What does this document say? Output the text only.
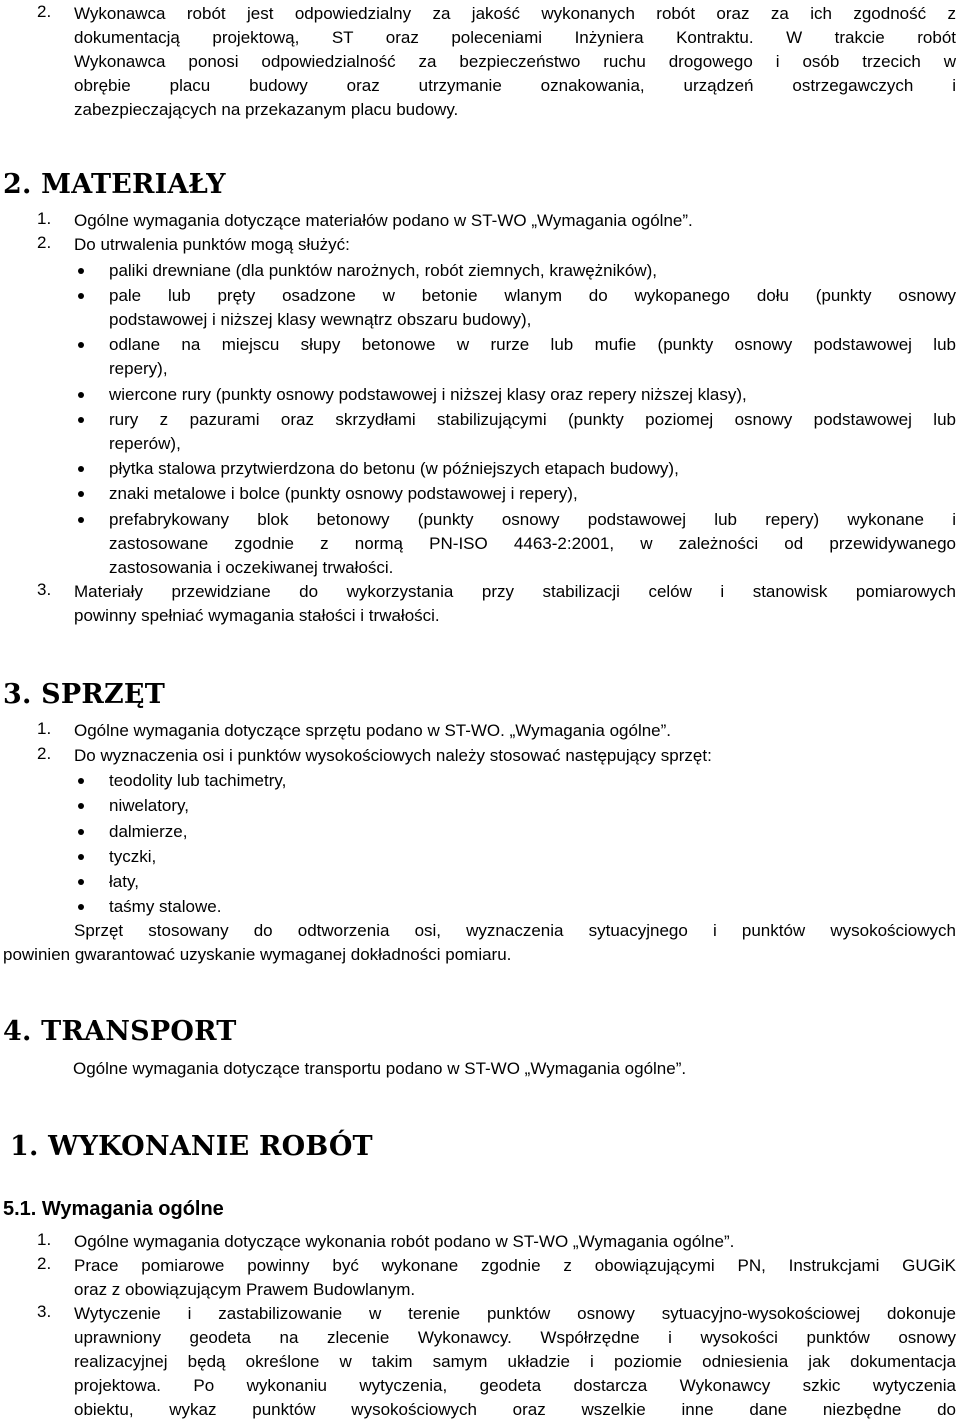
2. Wykonawca robót jest odpowiedzialny za jakość wykonanych robót oraz za ich zgodność z
dokumentacją projektową, ST oraz poleceniami Inżyniera Kontraktu. W trakcie robót
Wykonawca ponosi odpowiedzialność za bezpieczeństwo ruchu drogowego i osób trzecich w
obrębie placu budowy oraz utrzymanie oznakowania, urządzeń ostrzegawczych i
zabezpieczających na przekazanym placu budowy.
2. MATERIAŁY
1. Ogólne wymagania dotyczące materiałów podano w ST-WO „Wymagania ogólne”.
2. Do utrwalenia punktów mogą służyć:
paliki drewniane (dla punktów narożnych, robót ziemnych, krawężników),
pale lub pręty osadzone w betonie wlanym do wykopanego dołu (punkty osnowy
podstawowej i niższej klasy wewnątrz obszaru budowy),
odlane na miejscu słupy betonowe w rurze lub mufie (punkty osnowy podstawowej lub
repery),
wiercone rury (punkty osnowy podstawowej i niższej klasy oraz repery niższej klasy),
rury z pazurami oraz skrzydłami stabilizującymi (punkty poziomej osnowy podstawowej lub
reperów),
płytka stalowa przytwierdzona do betonu (w późniejszych etapach budowy),
znaki metalowe i bolce (punkty osnowy podstawowej i repery),
prefabrykowany blok betonowy (punkty osnowy podstawowej lub repery) wykonane i
zastosowane zgodnie z normą PN-ISO 4463-2:2001, w zależności od przewidywanego
zastosowania i oczekiwanej trwałości.
3. Materiały przewidziane do wykorzystania przy stabilizacji celów i stanowisk pomiarowych
powinny spełniać wymagania stałości i trwałości.
3. SPRZĘT
1. Ogólne wymagania dotyczące sprzętu podano w ST-WO. „Wymagania ogólne”.
2. Do wyznaczenia osi i punktów wysokościowych należy stosować następujący sprzęt:
teodolity lub tachimetry,
niwelatory,
dalmierze,
tyczki,
łaty,
taśmy stalowe.
Sprzęt stosowany do odtworzenia osi, wyznaczenia sytuacyjnego i punktów wysokościowych
powinien gwarantować uzyskanie wymaganej dokładności pomiaru.
4. TRANSPORT
Ogólne wymagania dotyczące transportu podano w ST-WO „Wymagania ogólne”.
1. WYKONANIE ROBÓT
5.1. Wymagania ogólne
1. Ogólne wymagania dotyczące wykonania robót podano w ST-WO „Wymagania ogólne”.
2. Prace pomiarowe powinny być wykonane zgodnie z obowiązującymi PN, Instrukcjami GUGiK
oraz z obowiązującym Prawem Budowlanym.
3. Wytyczenie i zastabilizowanie w terenie punktów osnowy sytuacyjno-wysokościowej dokonuje
uprawniony geodeta na zlecenie Wykonawcy. Współrzędne i wysokości punktów osnowy
realizacyjnej będą określone w takim samym układzie i poziomie odniesienia jak dokumentacja
projektowa. Po wykonaniu wytyczenia, geodeta dostarcza Wykonawcy szkic wytyczenia
obiektu, wykaz punktów wysokościowych oraz wszelkie inne dane niezbędne do
